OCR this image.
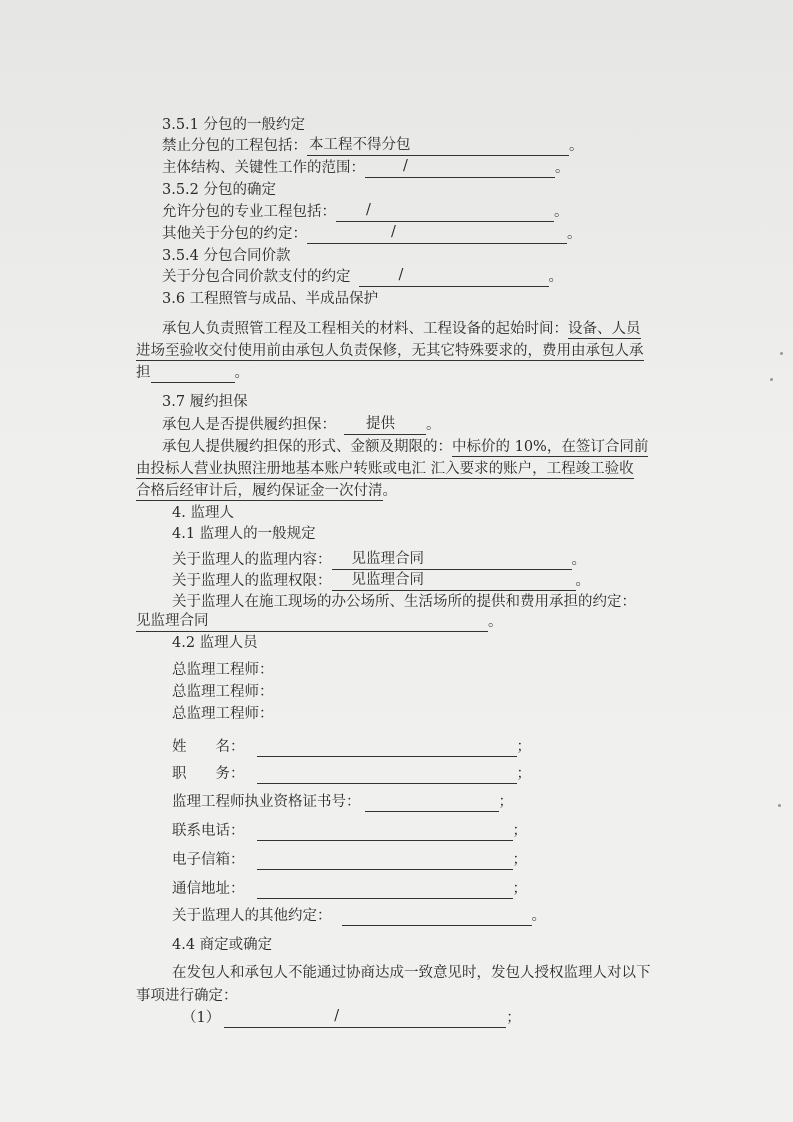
3.5.1 分包的一般约定
禁止分包的工程包括： 本工程不得分包	。
主体结构、关键性工作的范围：	/	。
3.5.2 分包的确定
允许分包的专业工程包括： /	。
其他关于分包的约定：	/	。
3.5.4 分包合同价款
关于分包合同价款支付的约定	/	。
3.6 工程照管与成品、半成品保护
承包人负责照管工程及工程相关的材料、工程设备的起始时间：设备、人员
进场至验收交付使用前由承包人负责保修，无其它特殊要求的，费用由承包人承
担	。
3.7 履约担保
承包人是否提供履约担保：	提供	。
承包人提供履约担保的形式、金额及期限的：中标价的 10%，在签订合同前
由投标人营业执照注册地基本账户转账或电汇 汇入要求的账户，工程竣工验收
合格后经审计后，履约保证金一次付清。
4. 监理人
4.1 监理人的一般规定
关于监理人的监理内容：	见监理合同	。
关于监理人的监理权限：	见监理合同	。
关于监理人在施工现场的办公场所、生活场所的提供和费用承担的约定：
见监理合同	。
4.2 监理人员
总监理工程师：
总监理工程师：
总监理工程师：
姓　　名：	；
职　　务：	；
监理工程师执业资格证书号：	；
联系电话：	；
电子信箱：	；
通信地址：	；
关于监理人的其他约定：	。
4.4 商定或确定
在发包人和承包人不能通过协商达成一致意见时，发包人授权监理人对以下
事项进行确定：
（1）	/	；
